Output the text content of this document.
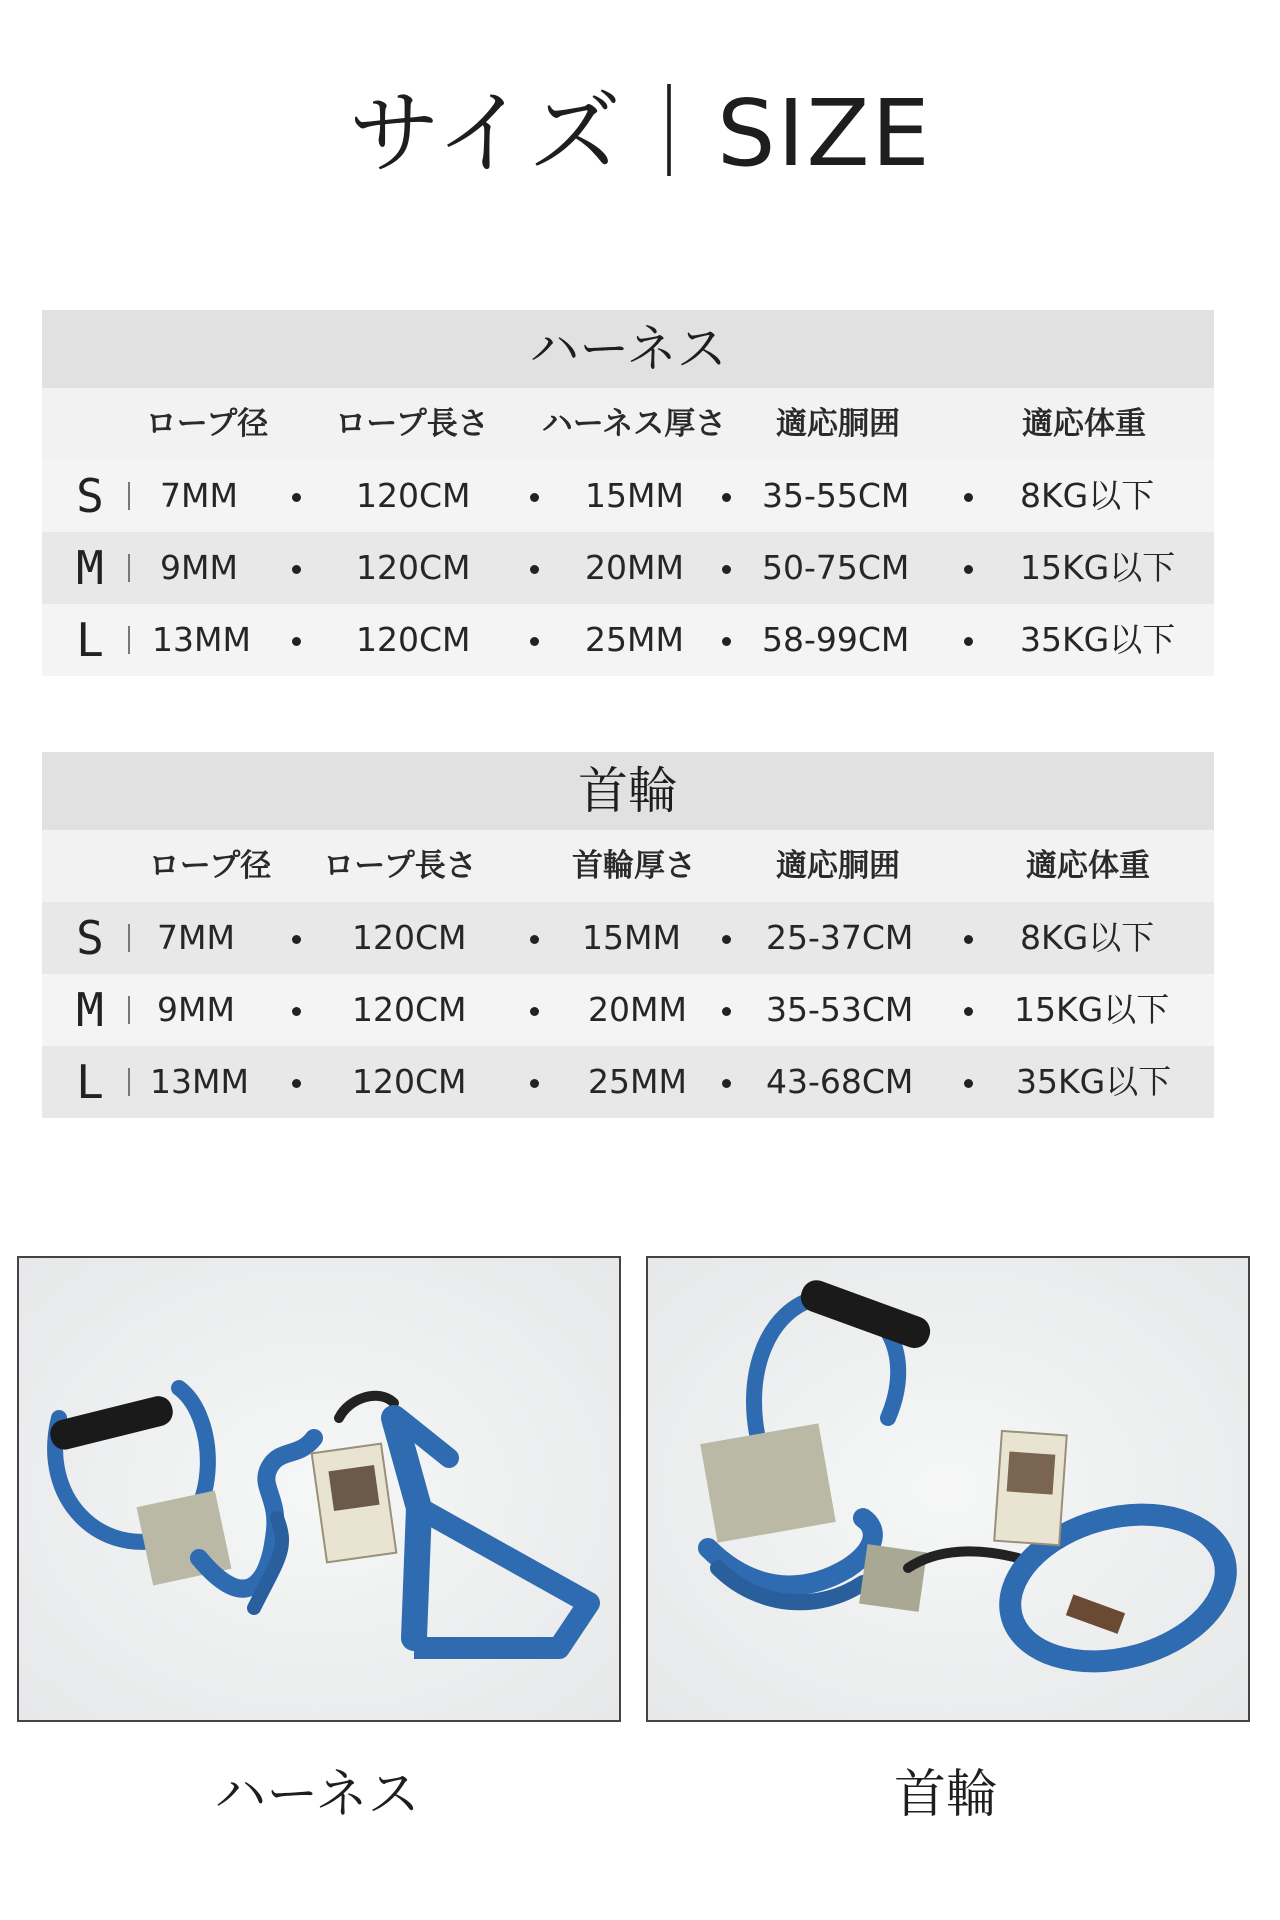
サイズ｜SIZE
ハーネス
ロープ径 ロープ長さ ハーネス厚さ 適応胴囲	適応体重
S 7MM	120CM	15MM 35-55CM	8KG以下
M 9MM	120CM	20MM 50-75CM	15KG以下
L 13MM	120CM	25MM 58-99CM	35KG以下
首輪
ロープ径 ロープ長さ	首輪厚さ	適応胴囲	適応体重
S 7MM	120CM	15MM	25-37CM	8KG以下
M 9MM	120CM	20MM 35-53CM	15KG以下
L 13MM	120CM	25MM 43-68CM	35KG以下
ハーネス	首輪
